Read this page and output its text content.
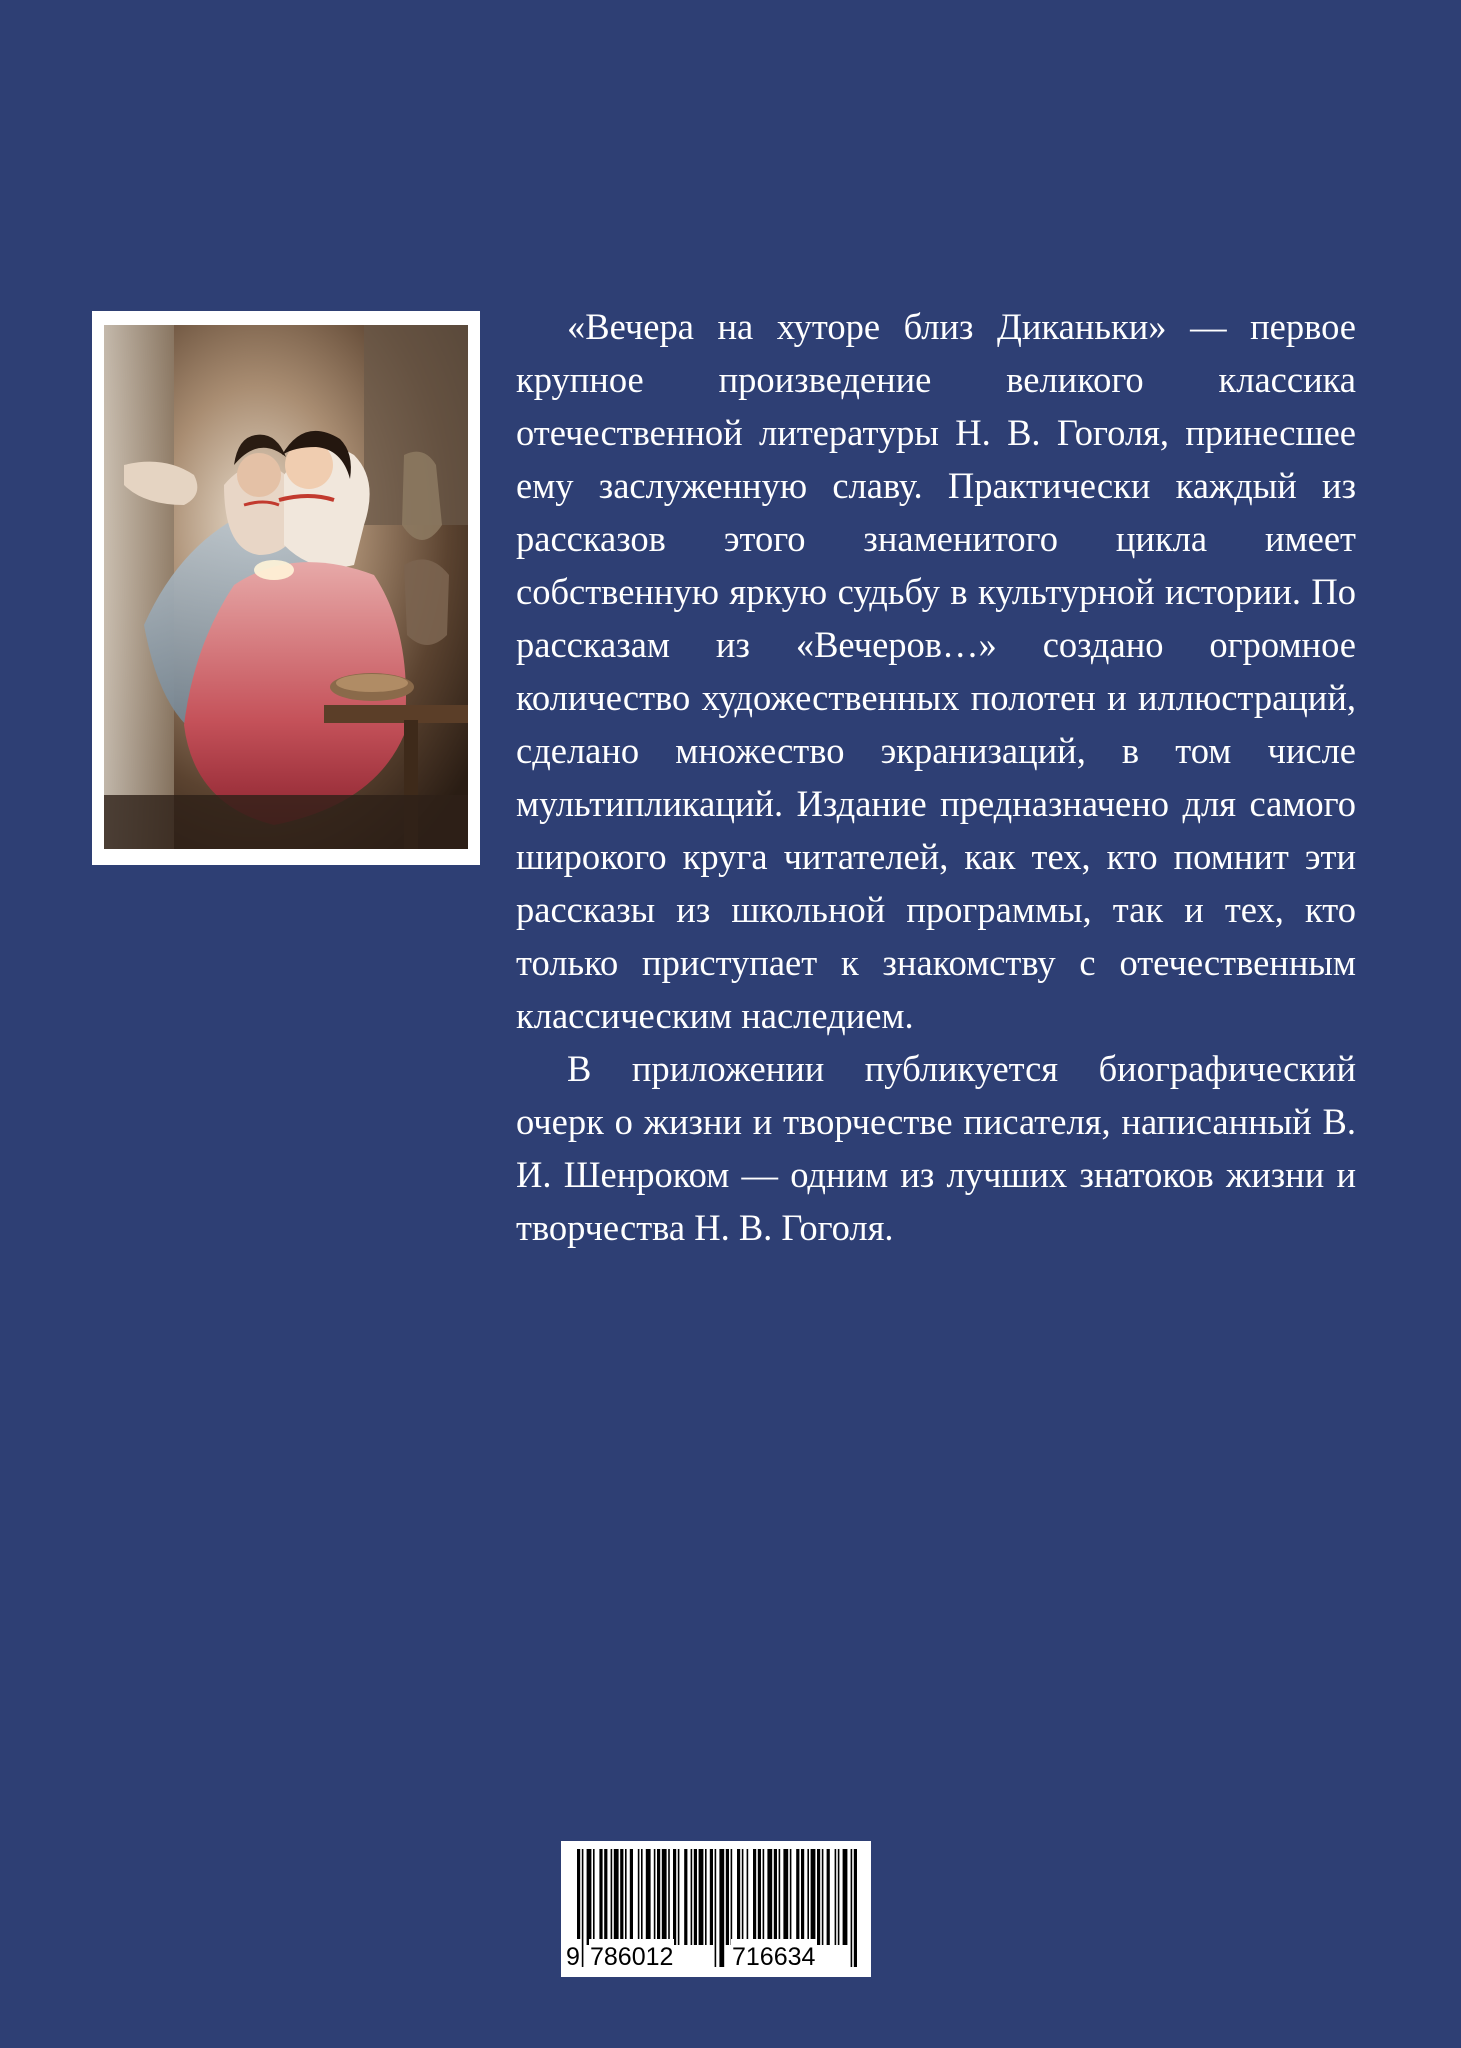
«Вечера на хуторе близ Диканьки» — первое крупное произведение великого классика отечественной литературы Н. В. Гоголя, принесшее ему заслуженную славу. Практически каждый из рассказов этого знаменитого цикла имеет собственную яркую судьбу в культурной истории. По рассказам из «Вечеров…» создано огромное количество художественных полотен и иллюстраций, сделано множество экранизаций, в том числе мультипликаций. Издание предназначено для самого широкого круга читателей, как тех, кто помнит эти рассказы из школьной программы, так и тех, кто только приступает к знакомству с отечественным классическим наследием.

В приложении публикуется биографический очерк о жизни и творчестве писателя, написанный В. И. Шенроком — одним из лучших знатоков жизни и творчества Н. В. Гоголя.

9 786012 716634
